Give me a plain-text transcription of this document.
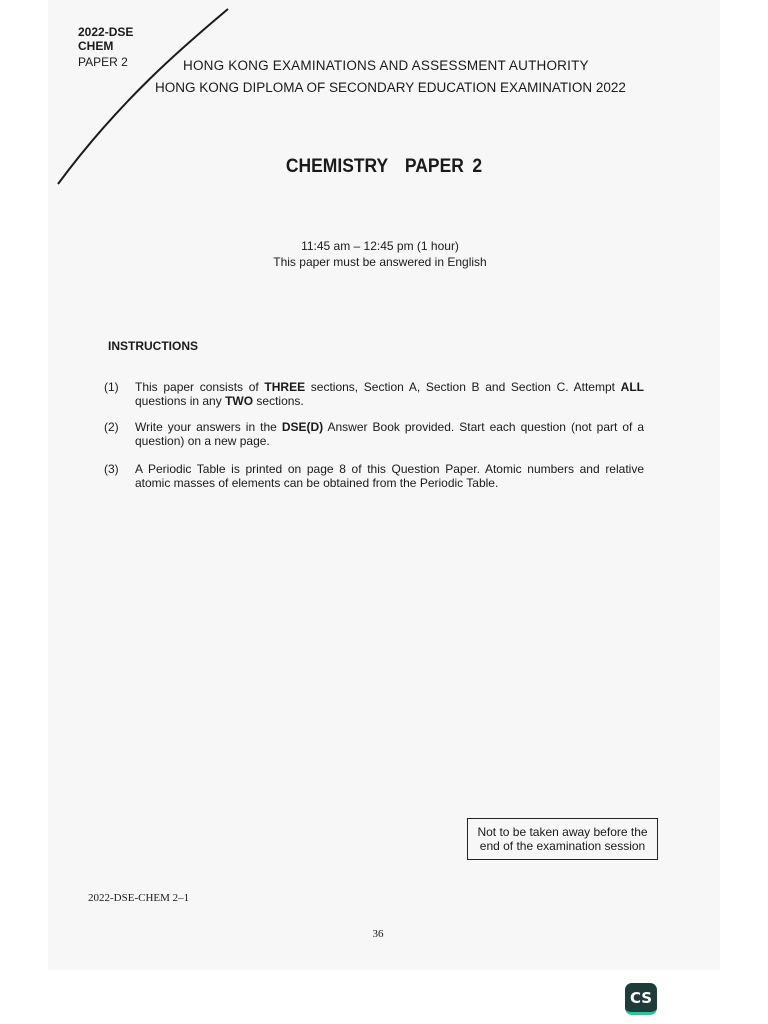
2022-DSE
CHEM
PAPER 2	HONG KONG EXAMINATIONS AND ASSESSMENT AUTHORITY
HONG KONG DIPLOMA OF SECONDARY EDUCATION EXAMINATION 2022
CHEMISTRY  PAPER 2
11:45 am – 12:45 pm (1 hour)
This paper must be answered in English
INSTRUCTIONS
(1) This paper consists of THREE sections, Section A, Section B and Section C. Attempt ALL questions in any TWO sections.
(2) Write your answers in the DSE(D) Answer Book provided. Start each question (not part of a question) on a new page.
(3) A Periodic Table is printed on page 8 of this Question Paper. Atomic numbers and relative atomic masses of elements can be obtained from the Periodic Table.
Not to be taken away before the
end of the examination session
2022-DSE-CHEM 2–1
36
CS
